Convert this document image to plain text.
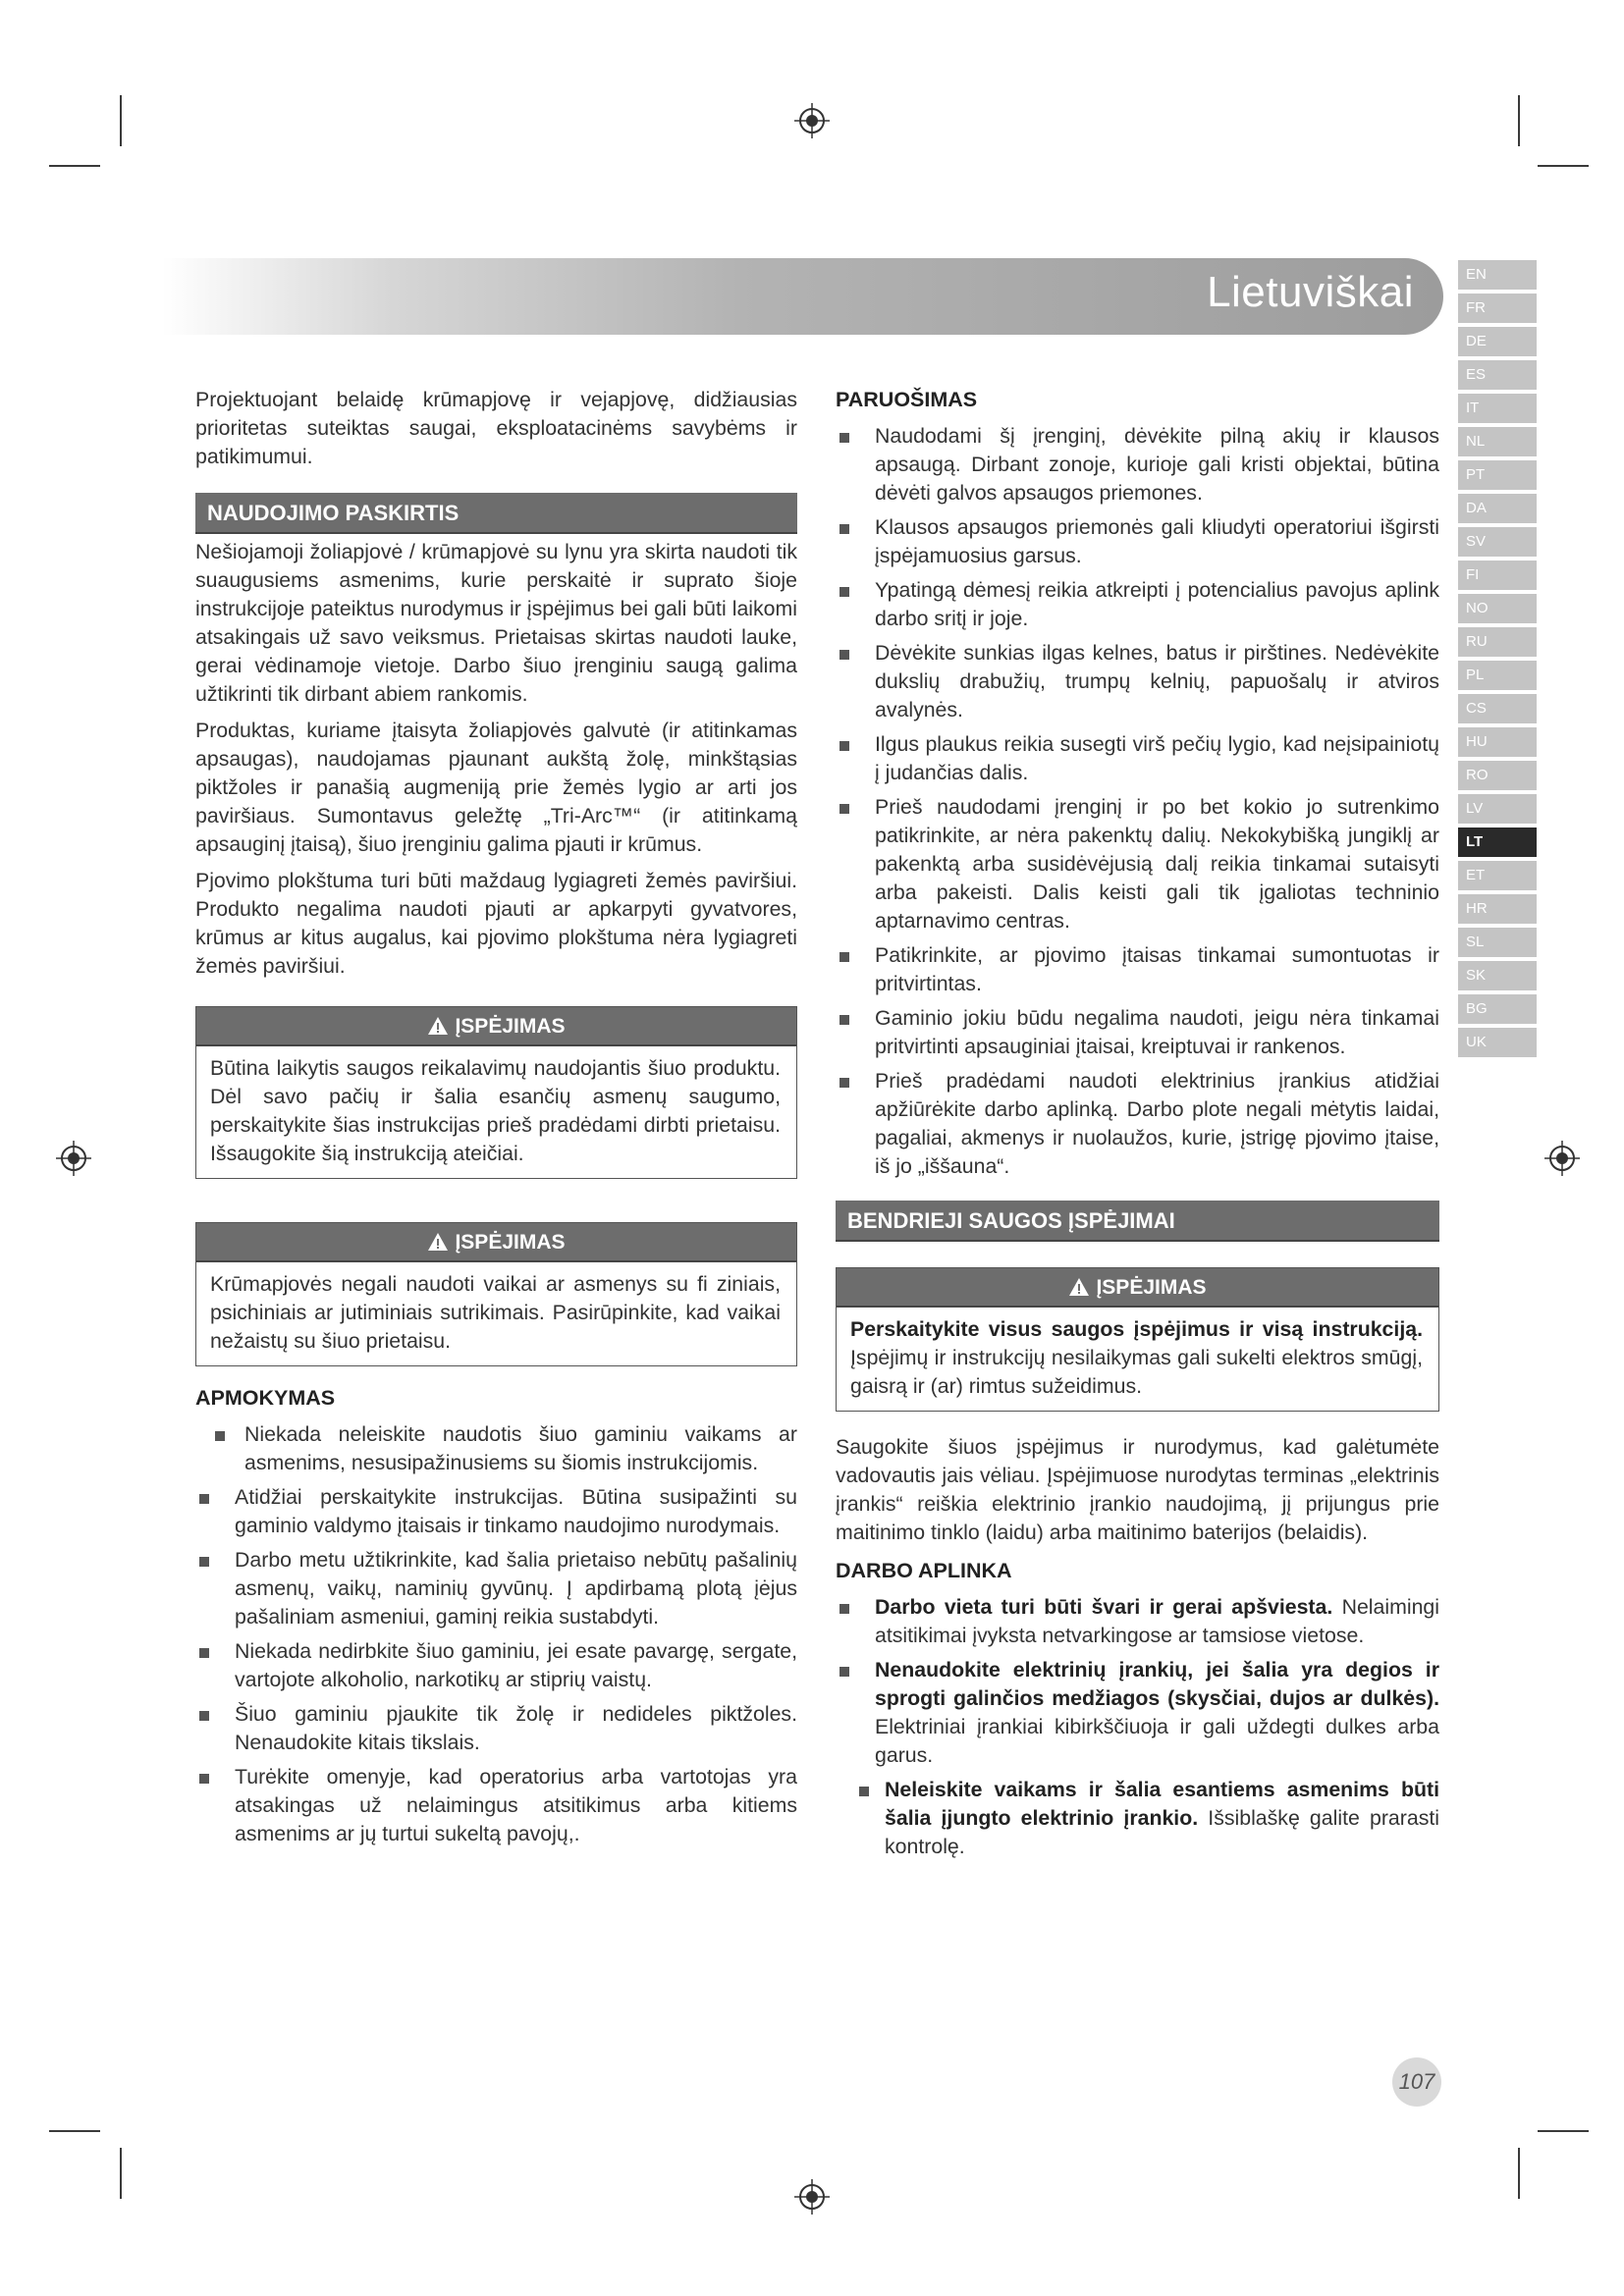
Lietuviškai	EN
FR
DE
ES
IT
NL
PT
DA
SV
FI
NO
RU
PL
CS
HU
RO
LV
LT
ET
HR
SL
SK
BG
UK

Projektuojant belaidę krūmapjovę ir vejapjovę, didžiausias prioritetas suteiktas saugai, eksploatacinėms savybėms ir patikimumui.

NAUDOJIMO PASKIRTIS

Nešiojamoji žoliapjovė / krūmapjovė su lynu yra skirta naudoti tik suaugusiems asmenims, kurie perskaitė ir suprato šioje instrukcijoje pateiktus nurodymus ir įspėjimus bei gali būti laikomi atsakingais už savo veiksmus. Prietaisas skirtas naudoti lauke, gerai vėdinamoje vietoje. Darbo šiuo įrenginiu saugą galima užtikrinti tik dirbant abiem rankomis.

Produktas, kuriame įtaisyta žoliapjovės galvutė (ir atitinkamas apsaugas), naudojamas pjaunant aukštą žolę, minkštąsias piktžoles ir panašią augmeniją prie žemės lygio ar arti jos paviršiaus. Sumontavus geležtę „Tri-Arc™“ (ir atitinkamą apsauginį įtaisą), šiuo įrenginiu galima pjauti ir krūmus.

Pjovimo plokštuma turi būti maždaug lygiagreti žemės paviršiui. Produkto negalima naudoti pjauti ar apkarpyti gyvatvores, krūmus ar kitus augalus, kai pjovimo plokštuma nėra lygiagreti žemės paviršiui.

ĮSPĖJIMAS
Būtina laikytis saugos reikalavimų naudojantis šiuo produktu. Dėl savo pačių ir šalia esančių asmenų saugumo, perskaitykite šias instrukcijas prieš pradėdami dirbti prietaisu. Išsaugokite šią instrukciją ateičiai.
ĮSPĖJIMAS
Krūmapjovės negali naudoti vaikai ar asmenys su fi ziniais, psichiniais ar jutiminiais sutrikimais. Pasirūpinkite, kad vaikai nežaistų su šiuo prietaisu.
APMOKYMAS
Niekada neleiskite naudotis šiuo gaminiu vaikams ar asmenims, nesusipažinusiems su šiomis instrukcijomis.
Atidžiai perskaitykite instrukcijas. Būtina susipažinti su gaminio valdymo įtaisais ir tinkamo naudojimo nurodymais.
Darbo metu užtikrinkite, kad šalia prietaiso nebūtų pašalinių asmenų, vaikų, naminių gyvūnų. Į apdirbamą plotą įėjus pašaliniam asmeniui, gaminį reikia sustabdyti.
Niekada nedirbkite šiuo gaminiu, jei esate pavargę, sergate, vartojote alkoholio, narkotikų ar stiprių vaistų.
Šiuo gaminiu pjaukite tik žolę ir nedideles piktžoles. Nenaudokite kitais tikslais.
Turėkite omenyje, kad operatorius arba vartotojas yra atsakingas už nelaimingus atsitikimus arba kitiems asmenims ar jų turtui sukeltą pavojų,.
PARUOŠIMAS
Naudodami šį įrenginį, dėvėkite pilną akių ir klausos apsaugą. Dirbant zonoje, kurioje gali kristi objektai, būtina dėvėti galvos apsaugos priemones.
Klausos apsaugos priemonės gali kliudyti operatoriui išgirsti įspėjamuosius garsus.
Ypatingą dėmesį reikia atkreipti į potencialius pavojus aplink darbo sritį ir joje.
Dėvėkite sunkias ilgas kelnes, batus ir pirštines. Nedėvėkite dukslių drabužių, trumpų kelnių, papuošalų ir atviros avalynės.
Ilgus plaukus reikia susegti virš pečių lygio, kad neįsipainiotų į judančias dalis.
Prieš naudodami įrenginį ir po bet kokio jo sutrenkimo patikrinkite, ar nėra pakenktų dalių. Nekokybišką jungiklį ar pakenktą arba susidėvėjusią dalį reikia tinkamai sutaisyti arba pakeisti. Dalis keisti gali tik įgaliotas techninio aptarnavimo centras.
Patikrinkite, ar pjovimo įtaisas tinkamai sumontuotas ir pritvirtintas.
Gaminio jokiu būdu negalima naudoti, jeigu nėra tinkamai pritvirtinti apsauginiai įtaisai, kreiptuvai ir rankenos.
Prieš pradėdami naudoti elektrinius įrankius atidžiai apžiūrėkite darbo aplinką. Darbo plote negali mėtytis laidai, pagaliai, akmenys ir nuolaužos, kurie, įstrigę pjovimo įtaise, iš jo „iššauna“.
BENDRIEJI SAUGOS ĮSPĖJIMAI
ĮSPĖJIMAS
Perskaitykite visus saugos įspėjimus ir visą instrukciją. Įspėjimų ir instrukcijų nesilaikymas gali sukelti elektros smūgį, gaisrą ir (ar) rimtus sužeidimus.

Saugokite šiuos įspėjimus ir nurodymus, kad galėtumėte vadovautis jais vėliau. Įspėjimuose nurodytas terminas „elektrinis įrankis“ reiškia elektrinio įrankio naudojimą, jį prijungus prie maitinimo tinklo (laidu) arba maitinimo baterijos (belaidis).

DARBO APLINKA
Darbo vieta turi būti švari ir gerai apšviesta. Nelaimingi atsitikimai įvyksta netvarkingose ar tamsiose vietose.
Nenaudokite elektrinių įrankių, jei šalia yra degios ir sprogti galinčios medžiagos (skysčiai, dujos ar dulkės). Elektriniai įrankiai kibirkščiuoja ir gali uždegti dulkes arba garus.
Neleiskite vaikams ir šalia esantiems asmenims būti šalia įjungto elektrinio įrankio. Išsiblaškę galite prarasti kontrolę.
107
